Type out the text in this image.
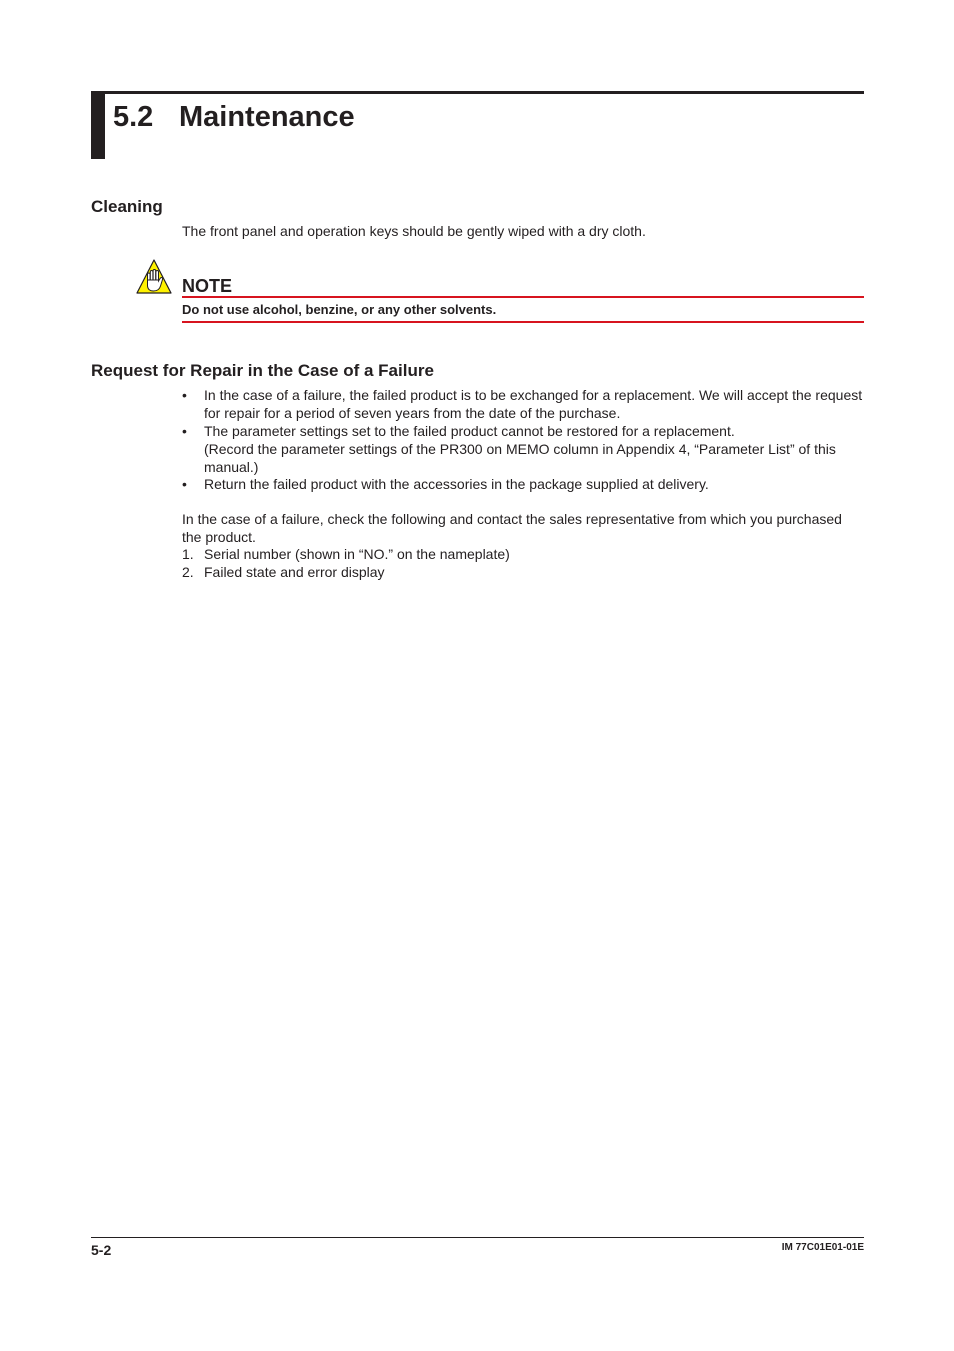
5.2 Maintenance
Cleaning
The front panel and operation keys should be gently wiped with a dry cloth.
NOTE
Do not use alcohol, benzine, or any other solvents.
Request for Repair in the Case of a Failure
•	In the case of a failure, the failed product is to be exchanged for a replacement. We will accept the request for repair for a period of seven years from the date of the purchase.
•	The parameter settings set to the failed product cannot be restored for a replacement.
(Record the parameter settings of the PR300 on MEMO column in Appendix 4, “Parameter List” of this manual.)
•	Return the failed product with the accessories in the package supplied at delivery.
In the case of a failure, check the following and contact the sales representative from which you purchased the product.
1. Serial number (shown in “NO.” on the nameplate)
2. Failed state and error display
5-2	IM 77C01E01-01E
